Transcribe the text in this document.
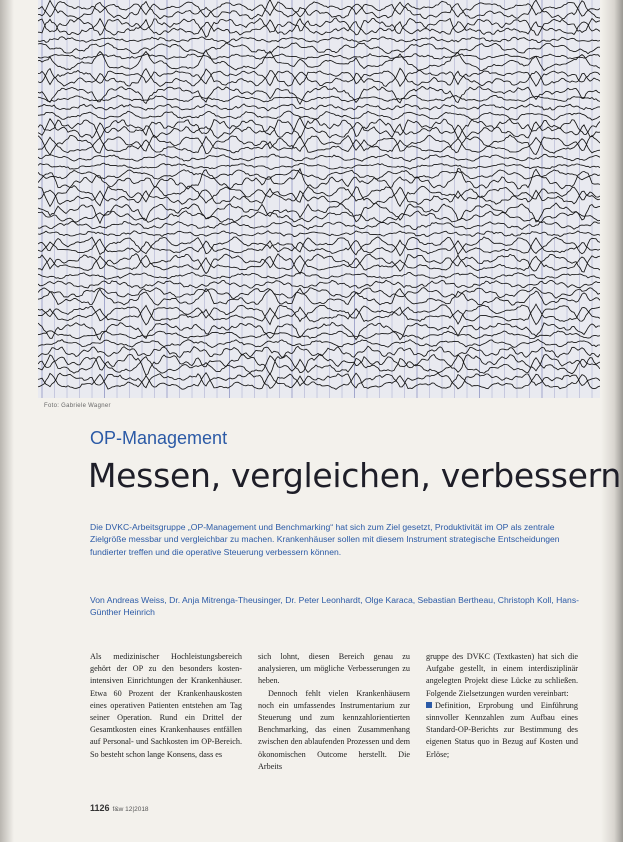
Foto: Gabriele Wagner
OP-Management
Messen, vergleichen, verbessern
Die DVKC-Arbeitsgruppe „OP-Management und Benchmarking“ hat sich zum Ziel gesetzt, Produktivität im OP als zentrale Zielgröße messbar und vergleichbar zu machen. Krankenhäuser sollen mit diesem Instrument strategische Entscheidungen fundierter treffen und die operative Steuerung verbessern können.
Von Andreas Weiss, Dr. Anja Mitrenga-Theusinger, Dr. Peter Leonhardt, Olge Karaca, Sebastian Bertheau, Christoph Koll, Hans-Günther Heinrich

Als medizinischer Hochleistungsbereich gehört der OP zu den besonders kostenintensiven Einrichtungen der Krankenhäuser. Etwa 60 Prozent der Krankenhauskosten eines operativen Patienten entstehen am Tag seiner Operation. Rund ein Drittel der Gesamtkosten eines Krankenhauses entfällen auf Personal- und Sachkosten im OP-Bereich. So besteht schon lange Konsens, dass es

sich lohnt, diesen Bereich genau zu analysieren, um mögliche Verbesserungen zu heben.

Dennoch fehlt vielen Krankenhäusern noch ein umfassendes Instrumentarium zur Steuerung und zum kennzahlorientierten Benchmarking, das einen Zusammenhang zwischen den ablaufenden Prozessen und dem ökonomischen Outcome herstellt. Die Arbeits

gruppe des DVKC (Textkasten) hat sich die Aufgabe gestellt, in einem interdisziplinär angelegten Projekt diese Lücke zu schließen. Folgende Zielsetzungen wurden vereinbart:

Definition, Erprobung und Einführung sinnvoller Kennzahlen zum Aufbau eines Standard-OP-Berichts zur Bestimmung des eigenen Status quo in Bezug auf Kosten und Erlöse;

1126 f&w 12|2018
